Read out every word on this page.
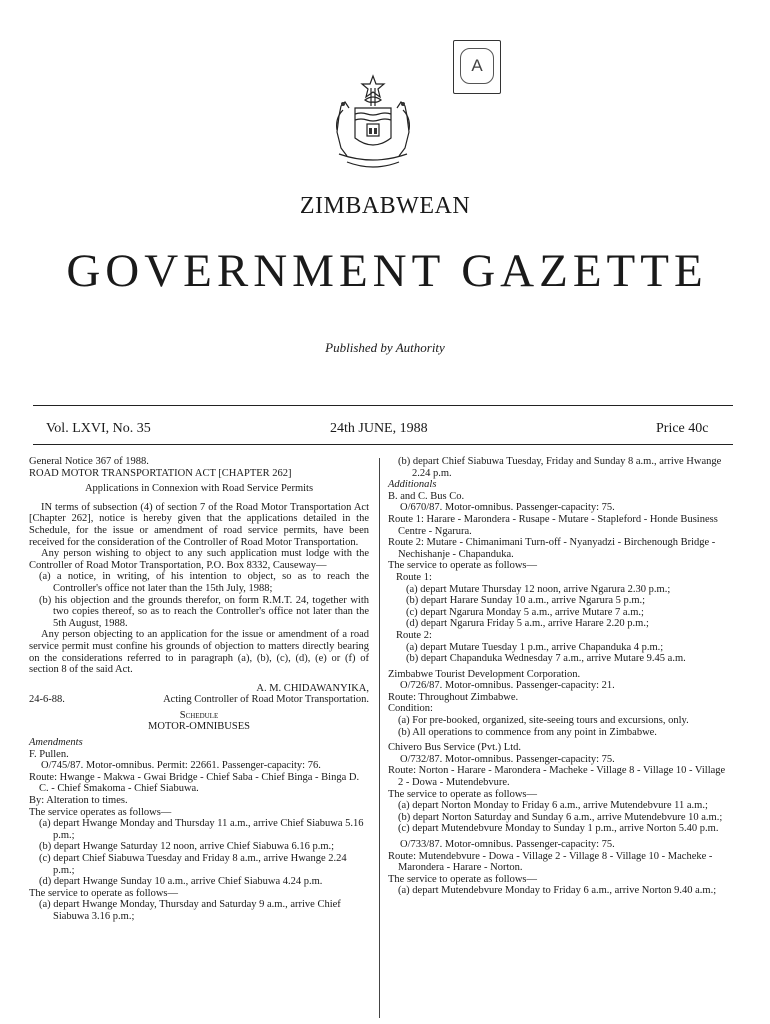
A
ZIMBABWEAN
GOVERNMENT GAZETTE
Published by Authority
Vol. LXVI, No. 35	24th JUNE, 1988	Price 40c

General Notice 367 of 1988.

ROAD MOTOR TRANSPORTATION ACT [CHAPTER 262]

Applications in Connexion with Road Service Permits

IN terms of subsection (4) of section 7 of the Road Motor Transportation Act [Chapter 262], notice is hereby given that the applications detailed in the Schedule, for the issue or amendment of road service permits, have been received for the consideration of the Controller of Road Motor Transportation.

Any person wishing to object to any such application must lodge with the Controller of Road Motor Transportation, P.O. Box 8332, Causeway—

(a) a notice, in writing, of his intention to object, so as to reach the Controller's office not later than the 15th July, 1988;

(b) his objection and the grounds therefor, on form R.M.T. 24, together with two copies thereof, so as to reach the Controller's office not later than the 5th August, 1988.

Any person objecting to an application for the issue or amendment of a road service permit must confine his grounds of objection to matters directly bearing on the considerations referred to in paragraph (a), (b), (c), (d), (e) or (f) of section 8 of the said Act.

A. M. CHIDAWANYIKA,

24-6-88.	Acting Controller of Road Motor Transportation.

Schedule

MOTOR-OMNIBUSES

Amendments

F. Pullen.

O/745/87. Motor-omnibus. Permit: 22661. Passenger-capacity: 76.

Route: Hwange - Makwa - Gwai Bridge - Chief Saba - Chief Binga - Binga D. C. - Chief Smakoma - Chief Siabuwa.

By: Alteration to times.

The service operates as follows—

(a) depart Hwange Monday and Thursday 11 a.m., arrive Chief Siabuwa 5.16 p.m.;

(b) depart Hwange Saturday 12 noon, arrive Chief Siabuwa 6.16 p.m.;

(c) depart Chief Siabuwa Tuesday and Friday 8 a.m., arrive Hwange 2.24 p.m.;

(d) depart Hwange Sunday 10 a.m., arrive Chief Siabuwa 4.24 p.m.

The service to operate as follows—

(a) depart Hwange Monday, Thursday and Saturday 9 a.m., arrive Chief Siabuwa 3.16 p.m.;

(b) depart Chief Siabuwa Tuesday, Friday and Sunday 8 a.m., arrive Hwange 2.24 p.m.

Additionals

B. and C. Bus Co.

O/670/87. Motor-omnibus. Passenger-capacity: 75.

Route 1: Harare - Marondera - Rusape - Mutare - Stapleford - Honde Business Centre - Ngarura.

Route 2: Mutare - Chimanimani Turn-off - Nyanyadzi - Birchenough Bridge - Nechishanje - Chapanduka.

The service to operate as follows—

Route 1:

(a) depart Mutare Thursday 12 noon, arrive Ngarura 2.30 p.m.;

(b) depart Harare Sunday 10 a.m., arrive Ngarura 5 p.m.;

(c) depart Ngarura Monday 5 a.m., arrive Mutare 7 a.m.;

(d) depart Ngarura Friday 5 a.m., arrive Harare 2.20 p.m.;

Route 2:

(a) depart Mutare Tuesday 1 p.m., arrive Chapanduka 4 p.m.;

(b) depart Chapanduka Wednesday 7 a.m., arrive Mutare 9.45 a.m.

Zimbabwe Tourist Development Corporation.

O/726/87. Motor-omnibus. Passenger-capacity: 21.

Route: Throughout Zimbabwe.

Condition:

(a) For pre-booked, organized, site-seeing tours and excursions, only.

(b) All operations to commence from any point in Zimbabwe.

Chivero Bus Service (Pvt.) Ltd.

O/732/87. Motor-omnibus. Passenger-capacity: 75.

Route: Norton - Harare - Marondera - Macheke - Village 8 - Village 10 - Village 2 - Dowa - Mutendebvure.

The service to operate as follows—

(a) depart Norton Monday to Friday 6 a.m., arrive Mutendebvure 11 a.m.;

(b) depart Norton Saturday and Sunday 6 a.m., arrive Mutendebvure 10 a.m.;

(c) depart Mutendebvure Monday to Sunday 1 p.m., arrive Norton 5.40 p.m.

O/733/87. Motor-omnibus. Passenger-capacity: 75.

Route: Mutendebvure - Dowa - Village 2 - Village 8 - Village 10 - Macheke - Marondera - Harare - Norton.

The service to operate as follows—

(a) depart Mutendebvure Monday to Friday 6 a.m., arrive Norton 9.40 a.m.;
